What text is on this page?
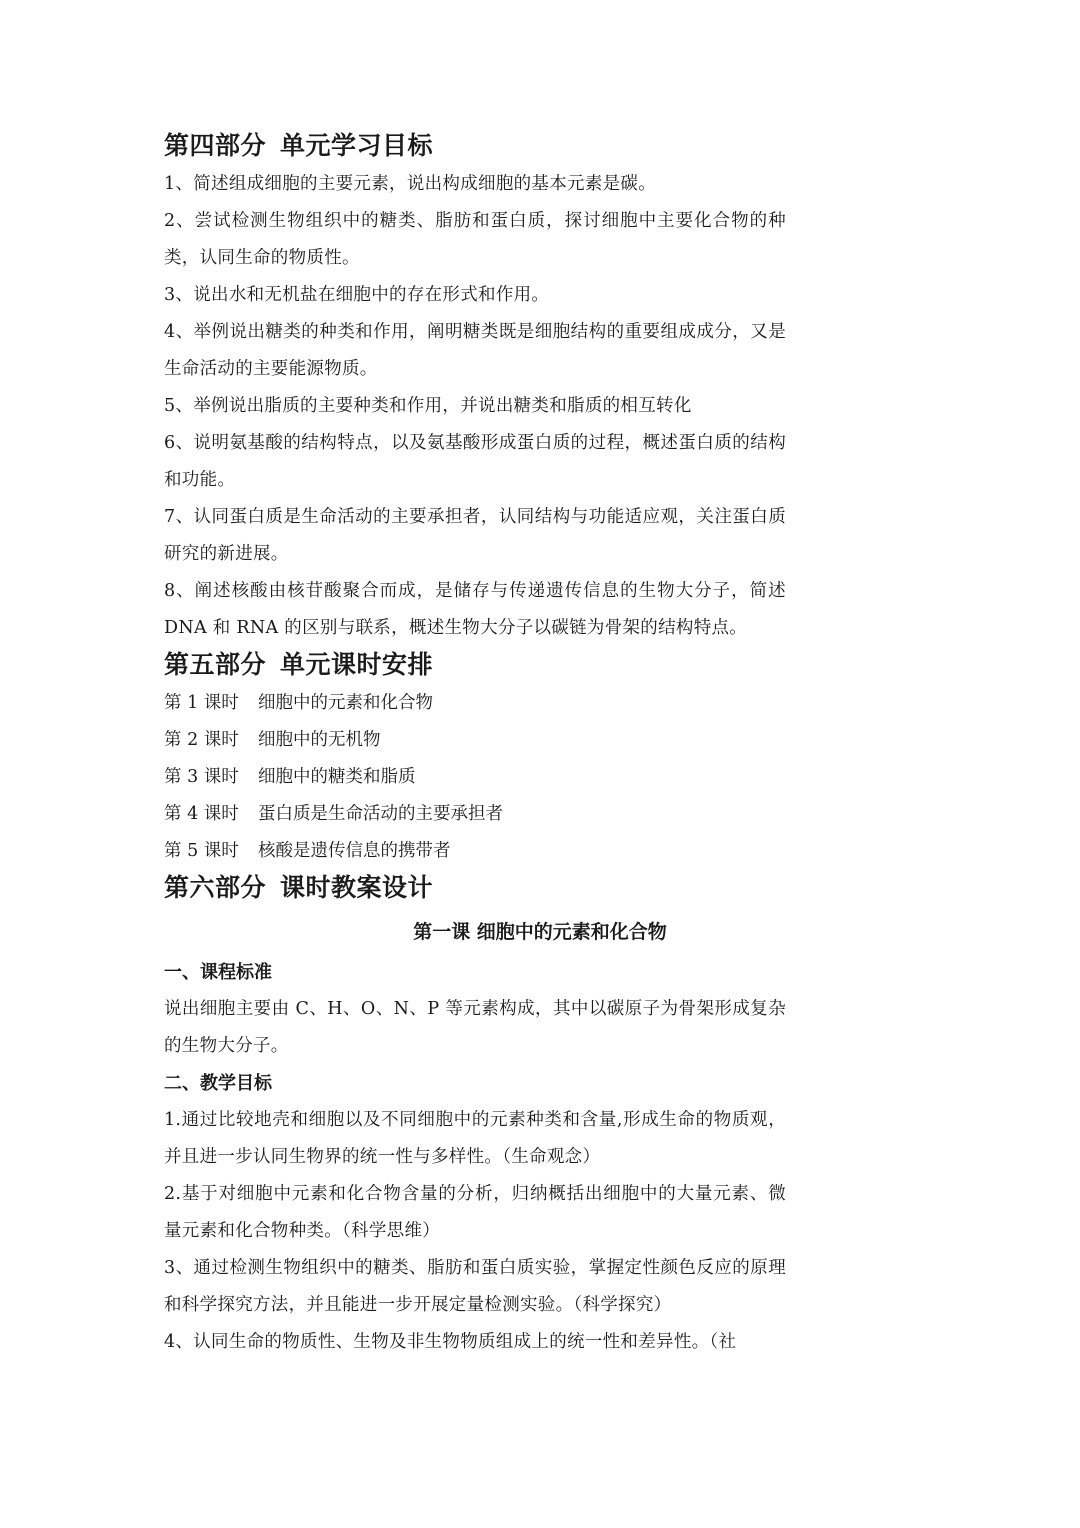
第四部分 单元学习目标

1、简述组成细胞的主要元素，说出构成细胞的基本元素是碳。

2、尝试检测生物组织中的糖类、脂肪和蛋白质，探讨细胞中主要化合物的种类，认同生命的物质性。

3、说出水和无机盐在细胞中的存在形式和作用。

4、举例说出糖类的种类和作用，阐明糖类既是细胞结构的重要组成成分，又是生命活动的主要能源物质。

5、举例说出脂质的主要种类和作用，并说出糖类和脂质的相互转化

6、说明氨基酸的结构特点，以及氨基酸形成蛋白质的过程，概述蛋白质的结构和功能。

7、认同蛋白质是生命活动的主要承担者，认同结构与功能适应观，关注蛋白质研究的新进展。

8、阐述核酸由核苷酸聚合而成，是储存与传递遗传信息的生物大分子，简述 DNA 和 RNA 的区别与联系，概述生物大分子以碳链为骨架的结构特点。

第五部分 单元课时安排

第 1 课时 细胞中的元素和化合物

第 2 课时 细胞中的无机物

第 3 课时 细胞中的糖类和脂质

第 4 课时 蛋白质是生命活动的主要承担者

第 5 课时 核酸是遗传信息的携带者

第六部分 课时教案设计
第一课 细胞中的元素和化合物
一、课程标准

说出细胞主要由 C、H、O、N、P 等元素构成，其中以碳原子为骨架形成复杂的生物大分子。

二、教学目标

1.通过比较地壳和细胞以及不同细胞中的元素种类和含量,形成生命的物质观，并且进一步认同生物界的统一性与多样性。（生命观念）

2.基于对细胞中元素和化合物含量的分析，归纳概括出细胞中的大量元素、微量元素和化合物种类。（科学思维）

3、通过检测生物组织中的糖类、脂肪和蛋白质实验，掌握定性颜色反应的原理和科学探究方法，并且能进一步开展定量检测实验。（科学探究）

4、认同生命的物质性、生物及非生物物质组成上的统一性和差异性。（社
